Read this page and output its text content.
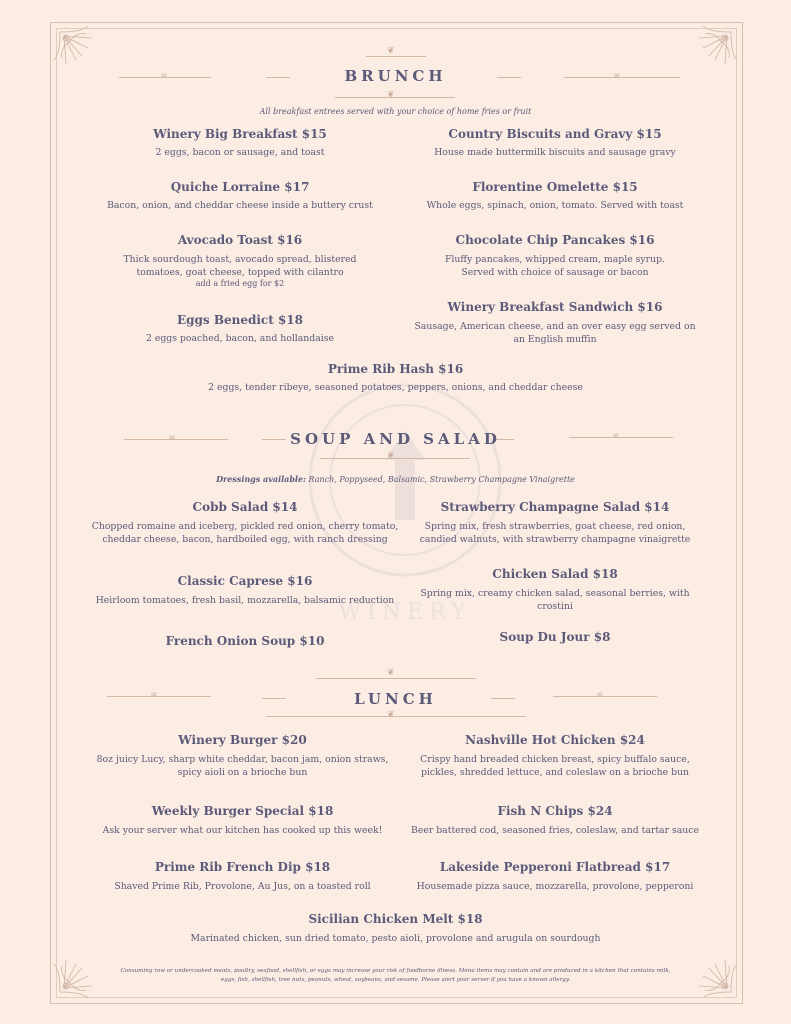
WINERY
❦
∞	∞
BRUNCH
❦
All breakfast entrees served with your choice of home fries or fruit
Winery Big Breakfast $15
2 eggs, bacon or sausage, and toast
Quiche Lorraine $17
Bacon, onion, and cheddar cheese inside a buttery crust
Avocado Toast $16
Thick sourdough toast, avocado spread, blistered
tomatoes, goat cheese, topped with cilantro
add a fried egg for $2
Eggs Benedict $18
2 eggs poached, bacon, and hollandaise
Country Biscuits and Gravy $15
House made buttermilk biscuits and sausage gravy
Florentine Omelette $15
Whole eggs, spinach, onion, tomato. Served with toast
Chocolate Chip Pancakes $16
Fluffy pancakes, whipped cream, maple syrup.
Served with choice of sausage or bacon
Winery Breakfast Sandwich $16
Sausage, American cheese, and an over easy egg served on
an English muffin
Prime Rib Hash $16
2 eggs, tender ribeye, seasoned potatoes, peppers, onions, and cheddar cheese
∞	∞
SOUP AND SALAD
❦
Dressings available: Ranch, Poppyseed, Balsamic, Strawberry Champagne Vinaigrette
Cobb Salad $14
Chopped romaine and iceberg, pickled red onion, cherry tomato,
cheddar cheese, bacon, hardboiled egg, with ranch dressing
Classic Caprese $16
Heirloom tomatoes, fresh basil, mozzarella, balsamic reduction
French Onion Soup $10
Strawberry Champagne Salad $14
Spring mix, fresh strawberries, goat cheese, red onion,
candied walnuts, with strawberry champagne vinaigrette
Chicken Salad $18
Spring mix, creamy chicken salad, seasonal berries, with
crostini
Soup Du Jour $8
❦
∞	∞
LUNCH
❦
Winery Burger $20
8oz juicy Lucy, sharp white cheddar, bacon jam, onion straws,
spicy aioli on a brioche bun
Weekly Burger Special $18
Ask your server what our kitchen has cooked up this week!
Prime Rib French Dip $18
Shaved Prime Rib, Provolone, Au Jus, on a toasted roll
Nashville Hot Chicken $24
Crispy hand breaded chicken breast, spicy buffalo sauce,
pickles, shredded lettuce, and coleslaw on a brioche bun
Fish N Chips $24
Beer battered cod, seasoned fries, coleslaw, and tartar sauce
Lakeside Pepperoni Flatbread $17
Housemade pizza sauce, mozzarella, provolone, pepperoni
Sicilian Chicken Melt $18
Marinated chicken, sun dried tomato, pesto aioli, provolone and arugula on sourdough
Consuming raw or undercooked meats, poultry, seafood, shellfish, or eggs may increase your risk of foodborne illness. Menu items may contain and are produced in a kitchen that contains milk,
eggs, fish, shellfish, tree nuts, peanuts, wheat, soybeans, and sesame. Please alert your server if you have a known allergy.
